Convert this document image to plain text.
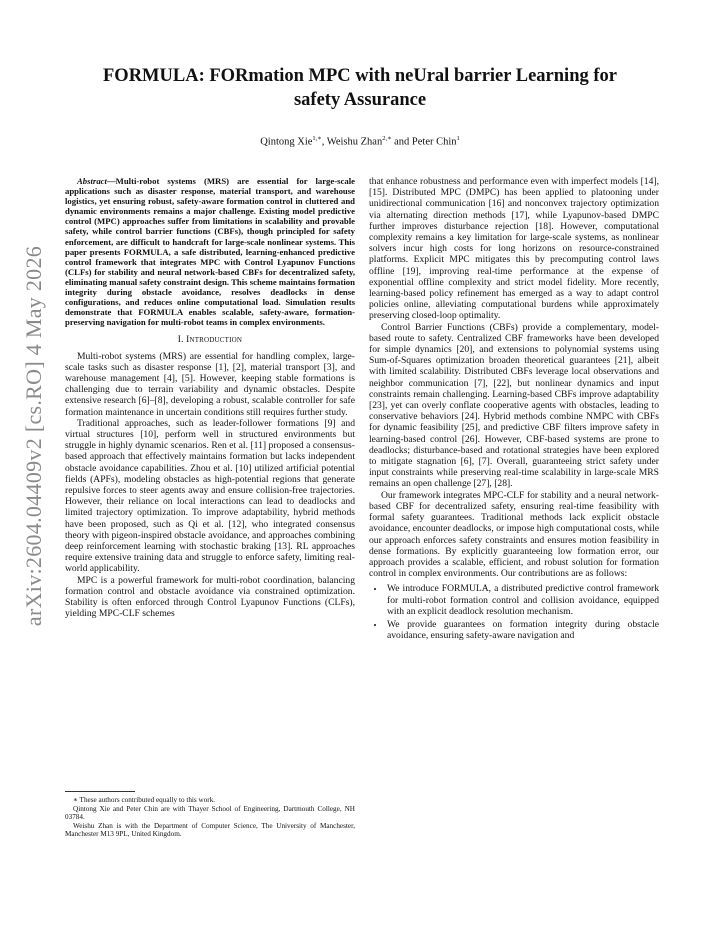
arXiv:2604.04409v2 [cs.RO] 4 May 2026
FORMULA: FORmation MPC with neUral barrier Learning for
safety Assurance
Qintong Xie$^{1,∗}$, Weishu Zhan$^{2,∗}$ and Peter Chin$^1$

Abstract—Multi-robot systems (MRS) are essential for large-scale applications such as disaster response, material transport, and warehouse logistics, yet ensuring robust, safety-aware formation control in cluttered and dynamic environments remains a major challenge. Existing model predictive control (MPC) approaches suffer from limitations in scalability and provable safety, while control barrier functions (CBFs), though principled for safety enforcement, are difficult to handcraft for large-scale nonlinear systems. This paper presents FORMULA, a safe distributed, learning-enhanced predictive control framework that integrates MPC with Control Lyapunov Functions (CLFs) for stability and neural network-based CBFs for decentralized safety, eliminating manual safety constraint design. This scheme maintains formation integrity during obstacle avoidance, resolves deadlocks in dense configurations, and reduces online computational load. Simulation results demonstrate that FORMULA enables scalable, safety-aware, formation-preserving navigation for multi-robot teams in complex environments.

I. Introduction

Multi-robot systems (MRS) are essential for handling complex, large-scale tasks such as disaster response [1], [2], material transport [3], and warehouse management [4], [5]. However, keeping stable formations is challenging due to terrain variability and dynamic obstacles. Despite extensive research [6]–[8], developing a robust, scalable controller for safe formation maintenance in uncertain conditions still requires further study.

Traditional approaches, such as leader-follower formations [9] and virtual structures [10], perform well in structured environments but struggle in highly dynamic scenarios. Ren et al. [11] proposed a consensus-based approach that effectively maintains formation but lacks independent obstacle avoidance capabilities. Zhou et al. [10] utilized artificial potential fields (APFs), modeling obstacles as high-potential regions that generate repulsive forces to steer agents away and ensure collision-free trajectories. However, their reliance on local interactions can lead to deadlocks and limited trajectory optimization. To improve adaptability, hybrid methods have been proposed, such as Qi et al. [12], who integrated consensus theory with pigeon-inspired obstacle avoidance, and approaches combining deep reinforcement learning with stochastic braking [13]. RL approaches require extensive training data and struggle to enforce safety, limiting real-world applicability.

MPC is a powerful framework for multi-robot coordination, balancing formation control and obstacle avoidance via constrained optimization. Stability is often enforced through Control Lyapunov Functions (CLFs), yielding MPC-CLF schemes

∗ These authors contributed equally to this work.

Qintong Xie and Peter Chin are with Thayer School of Engineering, Dartmouth College, NH 03784.

Weishu Zhan is with the Department of Computer Science, The University of Manchester, Manchester M13 9PL, United Kingdom.

that enhance robustness and performance even with imperfect models [14], [15]. Distributed MPC (DMPC) has been applied to platooning under unidirectional communication [16] and nonconvex trajectory optimization via alternating direction methods [17], while Lyapunov-based DMPC further improves disturbance rejection [18]. However, computational complexity remains a key limitation for large-scale systems, as nonlinear solvers incur high costs for long horizons on resource-constrained platforms. Explicit MPC mitigates this by precomputing control laws offline [19], improving real-time performance at the expense of exponential offline complexity and strict model fidelity. More recently, learning-based policy refinement has emerged as a way to adapt control policies online, alleviating computational burdens while approximately preserving closed-loop optimality.

Control Barrier Functions (CBFs) provide a complementary, model-based route to safety. Centralized CBF frameworks have been developed for simple dynamics [20], and extensions to polynomial systems using Sum-of-Squares optimization broaden theoretical guarantees [21], albeit with limited scalability. Distributed CBFs leverage local observations and neighbor communication [7], [22], but nonlinear dynamics and input constraints remain challenging. Learning-based CBFs improve adaptability [23], yet can overly conflate cooperative agents with obstacles, leading to conservative behaviors [24]. Hybrid methods combine NMPC with CBFs for dynamic feasibility [25], and predictive CBF filters improve safety in learning-based control [26]. However, CBF-based systems are prone to deadlocks; disturbance-based and rotational strategies have been explored to mitigate stagnation [6], [7]. Overall, guaranteeing strict safety under input constraints while preserving real-time scalability in large-scale MRS remains an open challenge [27], [28].

Our framework integrates MPC-CLF for stability and a neural network-based CBF for decentralized safety, ensuring real-time feasibility with formal safety guarantees. Traditional methods lack explicit obstacle avoidance, encounter deadlocks, or impose high computational costs, while our approach enforces safety constraints and ensures motion feasibility in dense formations. By explicitly guaranteeing low formation error, our approach provides a scalable, efficient, and robust solution for formation control in complex environments. Our contributions are as follows:

• We introduce FORMULA, a distributed predictive control framework for multi-robot formation control and collision avoidance, equipped with an explicit deadlock resolution mechanism.
• We provide guarantees on formation integrity during obstacle avoidance, ensuring safety-aware navigation and
